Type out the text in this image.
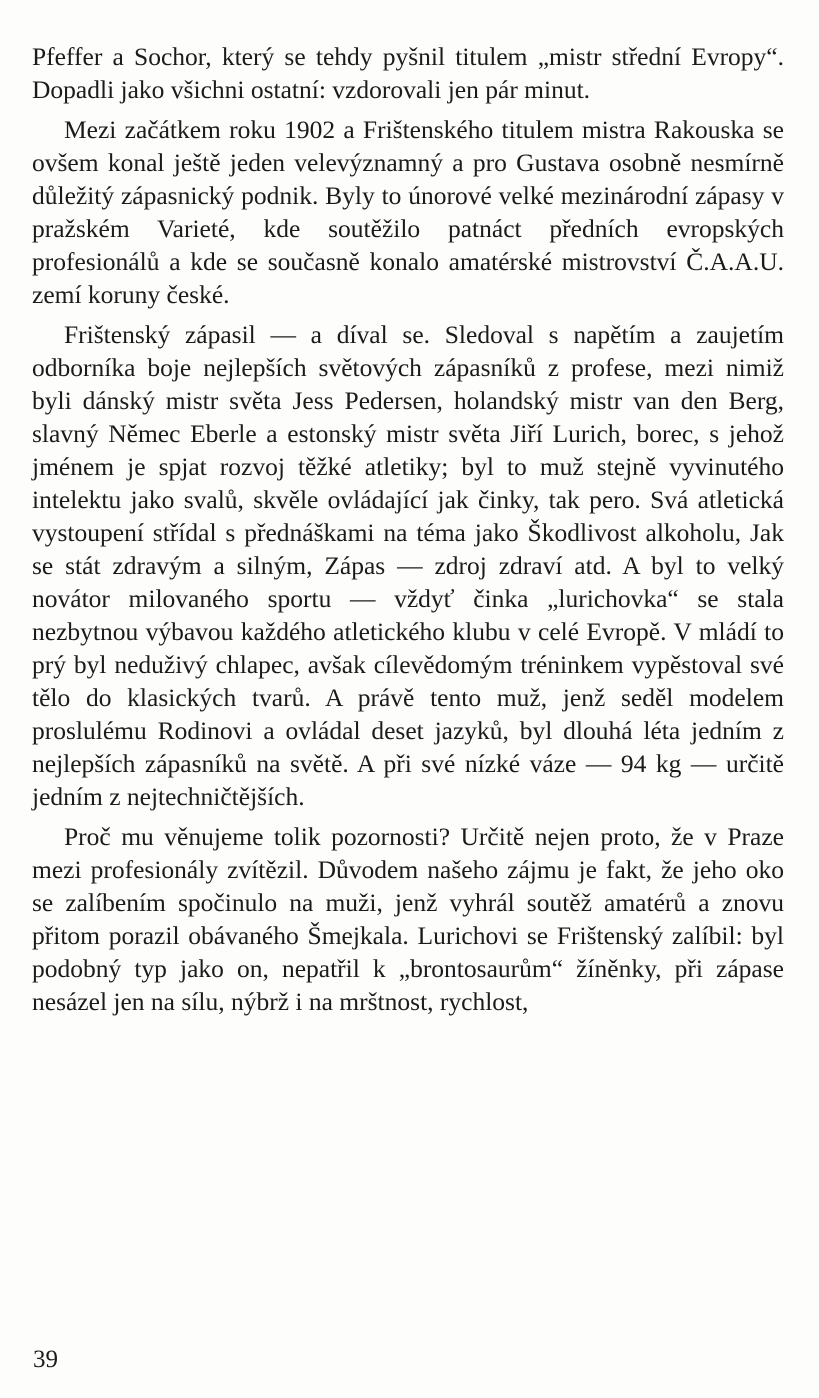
Pfeffer a Sochor, který se tehdy pyšnil titulem „mistr střední Evropy“. Dopadli jako všichni ostatní: vzdorovali jen pár minut.

Mezi začátkem roku 1902 a Frištenského titulem mistra Rakouska se ovšem konal ještě jeden velevýznamný a pro Gustava osobně nesmírně důležitý zápasnický podnik. Byly to únorové velké mezinárodní zápasy v pražském Varieté, kde soutěžilo patnáct předních evropských profesionálů a kde se současně konalo amatérské mistrovství Č.A.A.U. zemí koruny české.

Frištenský zápasil — a díval se. Sledoval s napětím a zaujetím odborníka boje nejlepších světových zápasníků z profese, mezi nimiž byli dánský mistr světa Jess Pedersen, holandský mistr van den Berg, slavný Němec Eberle a estonský mistr světa Jiří Lurich, borec, s jehož jménem je spjat rozvoj těžké atletiky; byl to muž stejně vyvinutého intelektu jako svalů, skvěle ovládající jak činky, tak pero. Svá atletická vystoupení střídal s přednáškami na téma jako Škodlivost alkoholu, Jak se stát zdravým a silným, Zápas — zdroj zdraví atd. A byl to velký novátor milovaného sportu — vždyť činka „lurichovka“ se stala nezbytnou výbavou každého atletického klubu v celé Evropě. V mládí to prý byl neduživý chlapec, avšak cílevědomým tréninkem vypěstoval své tělo do klasických tvarů. A právě tento muž, jenž seděl modelem proslulému Rodinovi a ovládal deset jazyků, byl dlouhá léta jedním z nejlepších zápasníků na světě. A při své nízké váze — 94 kg — určitě jedním z nejtechničtějších.

Proč mu věnujeme tolik pozornosti? Určitě nejen proto, že v Praze mezi profesionály zvítězil. Důvodem našeho zájmu je fakt, že jeho oko se zalíbením spočinulo na muži, jenž vyhrál soutěž amatérů a znovu přitom porazil obávaného Šmejkala. Lurichovi se Frištenský zalíbil: byl podobný typ jako on, nepatřil k „brontosaurům“ žíněnky, při zápase nesázel jen na sílu, nýbrž i na mrštnost, rychlost,

39
